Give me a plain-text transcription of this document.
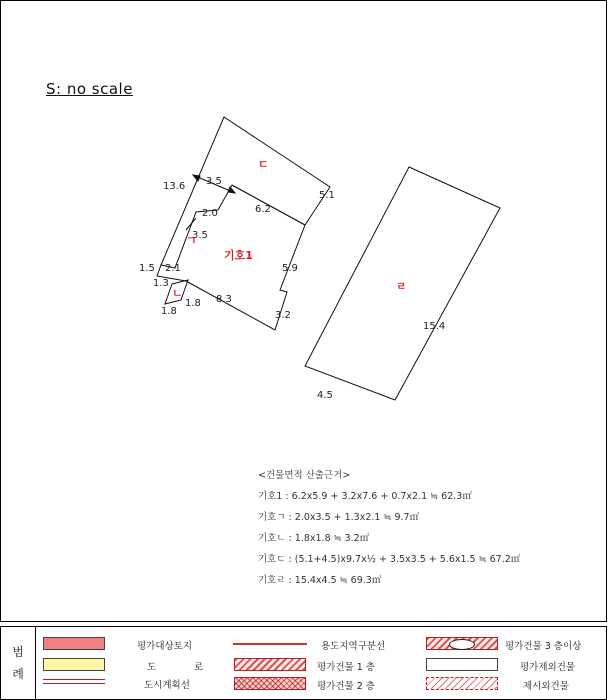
S: no scale
ㄷ
기호1
ㄱ
ㄴ
ㄹ
13.6 3.5
5.1
6.2
2.0
3.5
5.9
1.5 2.1
1.3
8.3
1.8
1.8	3.2
15.4
4.5
<건물면적 산출근거>
기호1 : 6.2x5.9 + 3.2x7.6 + 0.7x2.1 ≒ 62.3㎡
기호ㄱ : 2.0x3.5 + 1.3x2.1 ≒ 9.7㎡
기호ㄴ : 1.8x1.8 ≒ 3.2㎡
기호ㄷ : (5.1+4.5)x9.7x½ + 3.5x3.5 + 5.6x1.5 ≒ 67.2㎡
기호ㄹ : 15.4x4.5 ≒ 69.3㎡
범
례
평가대상토지
도	로
도시계획선
용도지역구분선
평가건물 1 층
평가건물 2 층
평가건물 3 층이상
평가제외건물
제시외건물
